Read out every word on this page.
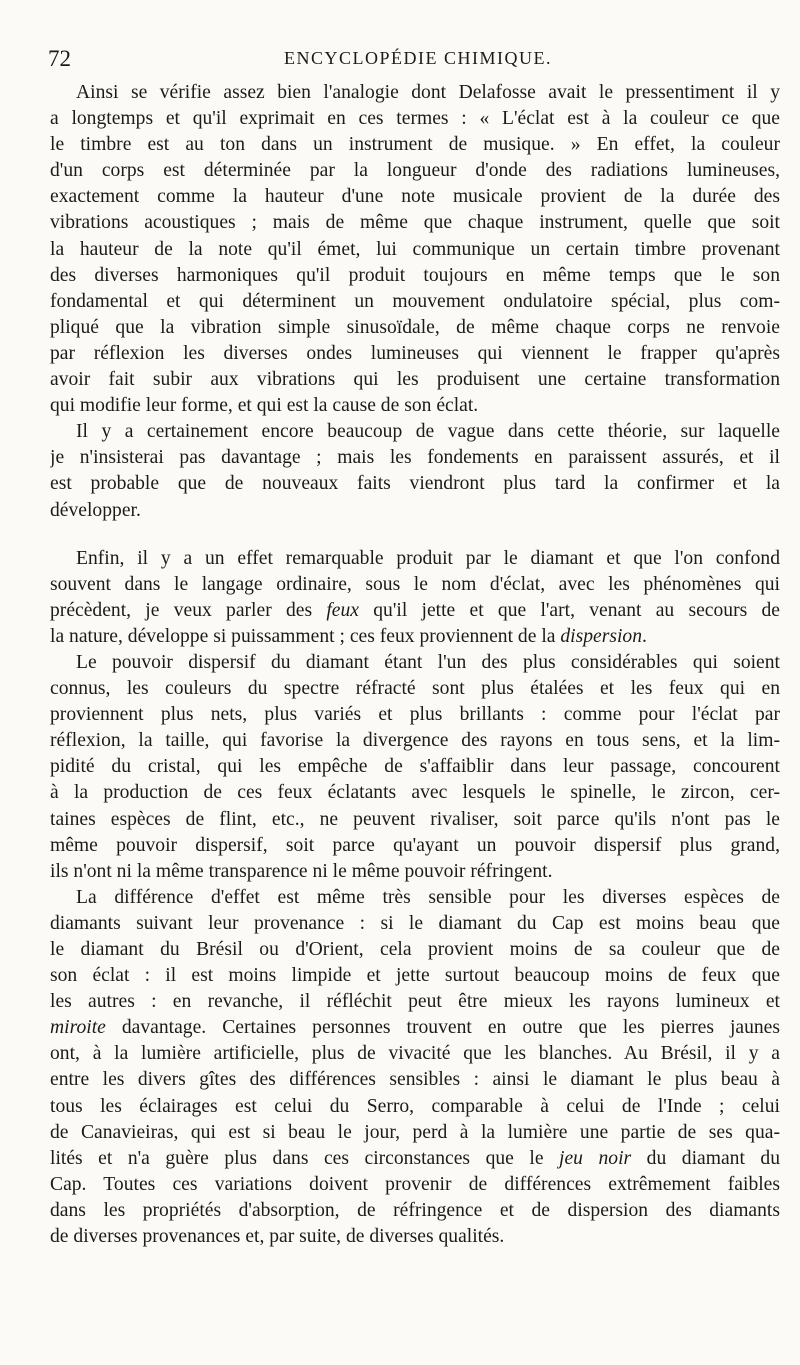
72	ENCYCLOPÉDIE CHIMIQUE.
Ainsi se vérifie assez bien l'analogie dont Delafosse avait le pressentiment il y
a longtemps et qu'il exprimait en ces termes : « L'éclat est à la couleur ce que
le timbre est au ton dans un instrument de musique. » En effet, la couleur
d'un corps est déterminée par la longueur d'onde des radiations lumineuses,
exactement comme la hauteur d'une note musicale provient de la durée des
vibrations acoustiques ; mais de même que chaque instrument, quelle que soit
la hauteur de la note qu'il émet, lui communique un certain timbre provenant
des diverses harmoniques qu'il produit toujours en même temps que le son
fondamental et qui déterminent un mouvement ondulatoire spécial, plus com-
pliqué que la vibration simple sinusoïdale, de même chaque corps ne renvoie
par réflexion les diverses ondes lumineuses qui viennent le frapper qu'après
avoir fait subir aux vibrations qui les produisent une certaine transformation
qui modifie leur forme, et qui est la cause de son éclat.
Il y a certainement encore beaucoup de vague dans cette théorie, sur laquelle
je n'insisterai pas davantage ; mais les fondements en paraissent assurés, et il
est probable que de nouveaux faits viendront plus tard la confirmer et la
développer.
Enfin, il y a un effet remarquable produit par le diamant et que l'on confond
souvent dans le langage ordinaire, sous le nom d'éclat, avec les phénomènes qui
précèdent, je veux parler des feux qu'il jette et que l'art, venant au secours de
la nature, développe si puissamment ; ces feux proviennent de la dispersion.
Le pouvoir dispersif du diamant étant l'un des plus considérables qui soient
connus, les couleurs du spectre réfracté sont plus étalées et les feux qui en
proviennent plus nets, plus variés et plus brillants : comme pour l'éclat par
réflexion, la taille, qui favorise la divergence des rayons en tous sens, et la lim-
pidité du cristal, qui les empêche de s'affaiblir dans leur passage, concourent
à la production de ces feux éclatants avec lesquels le spinelle, le zircon, cer-
taines espèces de flint, etc., ne peuvent rivaliser, soit parce qu'ils n'ont pas le
même pouvoir dispersif, soit parce qu'ayant un pouvoir dispersif plus grand,
ils n'ont ni la même transparence ni le même pouvoir réfringent.
La différence d'effet est même très sensible pour les diverses espèces de
diamants suivant leur provenance : si le diamant du Cap est moins beau que
le diamant du Brésil ou d'Orient, cela provient moins de sa couleur que de
son éclat : il est moins limpide et jette surtout beaucoup moins de feux que
les autres : en revanche, il réfléchit peut être mieux les rayons lumineux et
miroite davantage. Certaines personnes trouvent en outre que les pierres jaunes
ont, à la lumière artificielle, plus de vivacité que les blanches. Au Brésil, il y a
entre les divers gîtes des différences sensibles : ainsi le diamant le plus beau à
tous les éclairages est celui du Serro, comparable à celui de l'Inde ; celui
de Canavieiras, qui est si beau le jour, perd à la lumière une partie de ses qua-
lités et n'a guère plus dans ces circonstances que le jeu noir du diamant du
Cap. Toutes ces variations doivent provenir de différences extrêmement faibles
dans les propriétés d'absorption, de réfringence et de dispersion des diamants
de diverses provenances et, par suite, de diverses qualités.
